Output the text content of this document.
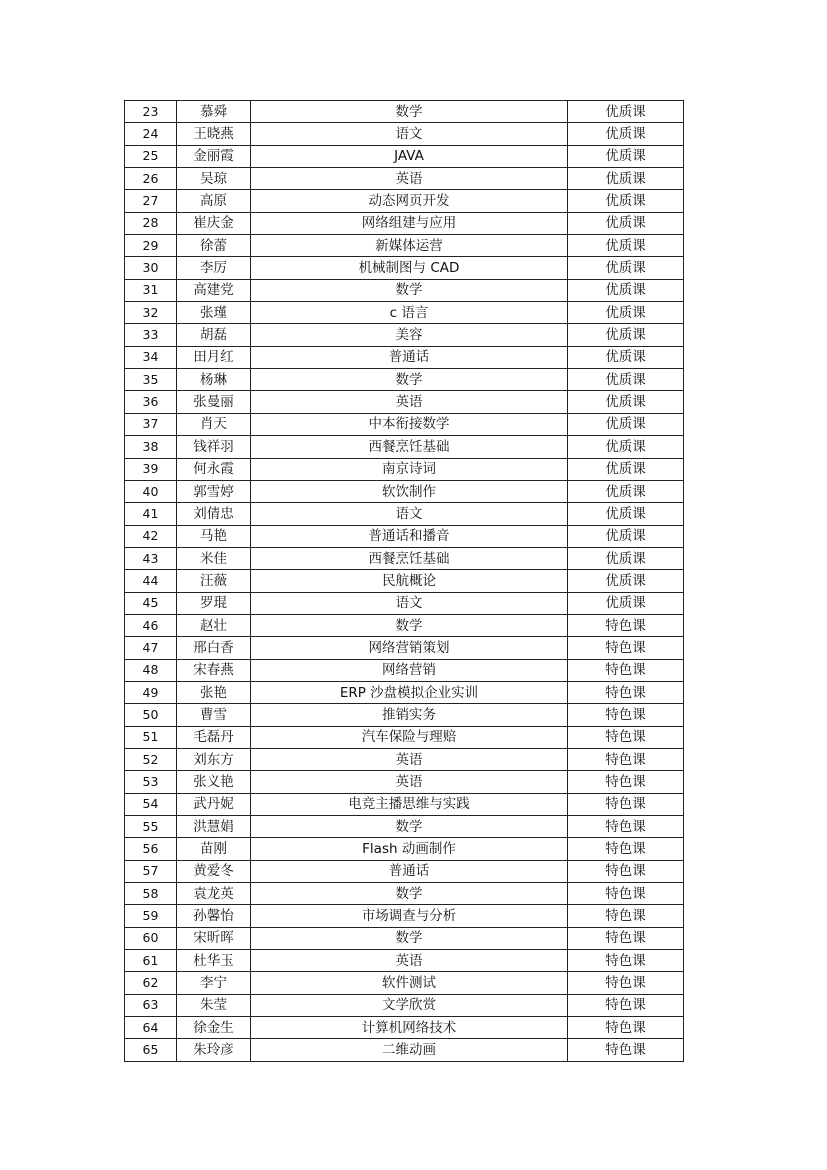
23	慕舜	数学	优质课
24	王晓燕	语文	优质课
25	金丽霞	JAVA	优质课
26	吴琼	英语	优质课
27	高原	动态网页开发	优质课
28	崔庆金	网络组建与应用	优质课
29	徐蕾	新媒体运营	优质课
30	李厉	机械制图与 CAD	优质课
31	高建党	数学	优质课
32	张瑾	c 语言	优质课
33	胡磊	美容	优质课
34	田月红	普通话	优质课
35	杨琳	数学	优质课
36	张曼丽	英语	优质课
37	肖天	中本衔接数学	优质课
38	钱祥羽	西餐烹饪基础	优质课
39	何永霞	南京诗词	优质课
40	郭雪婷	软饮制作	优质课
41	刘倩忠	语文	优质课
42	马艳	普通话和播音	优质课
43	米佳	西餐烹饪基础	优质课
44	汪薇	民航概论	优质课
45	罗琨	语文	优质课
46	赵壮	数学	特色课
47	邢白香	网络营销策划	特色课
48	宋春燕	网络营销	特色课
49	张艳	ERP 沙盘模拟企业实训	特色课
50	曹雪	推销实务	特色课
51	毛磊丹	汽车保险与理赔	特色课
52	刘东方	英语	特色课
53	张义艳	英语	特色课
54	武丹妮	电竞主播思维与实践	特色课
55	洪慧娟	数学	特色课
56	苗刚	Flash 动画制作	特色课
57	黄爱冬	普通话	特色课
58	袁龙英	数学	特色课
59	孙馨怡	市场调查与分析	特色课
60	宋昕晖	数学	特色课
61	杜华玉	英语	特色课
62	李宁	软件测试	特色课
63	朱莹	文学欣赏	特色课
64	徐金生	计算机网络技术	特色课
65	朱玲彦	二维动画	特色课
